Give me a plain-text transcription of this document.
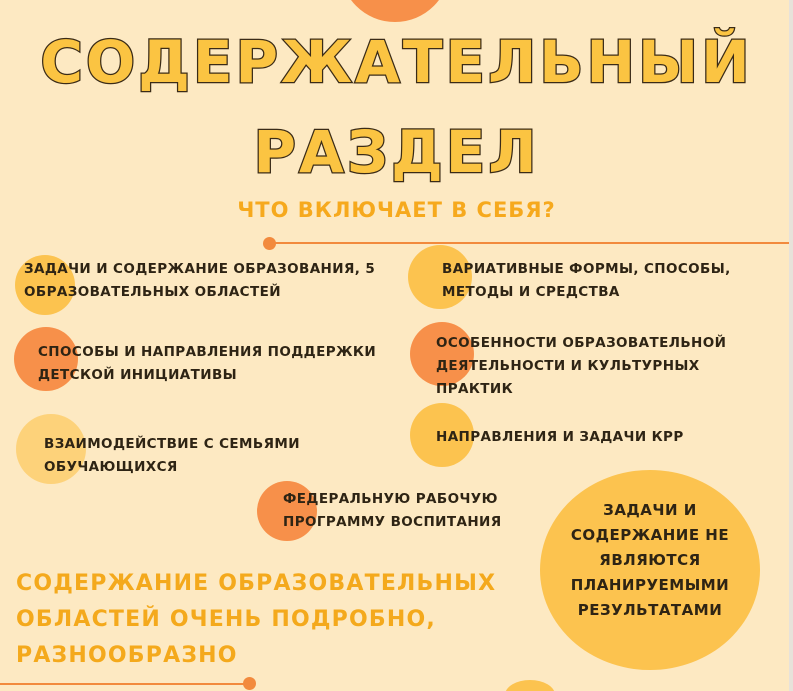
СОДЕРЖАТЕЛЬНЫЙ
РАЗДЕЛ
ЧТО ВКЛЮЧАЕТ В СЕБЯ?
ЗАДАЧИ И СОДЕРЖАНИЕ ОБРАЗОВАНИЯ, 5 ОБРАЗОВАТЕЛЬНЫХ ОБЛАСТЕЙ
ВАРИАТИВНЫЕ ФОРМЫ, СПОСОБЫ, МЕТОДЫ И СРЕДСТВА
СПОСОБЫ И НАПРАВЛЕНИЯ ПОДДЕРЖКИ ДЕТСКОЙ ИНИЦИАТИВЫ
ОСОБЕННОСТИ ОБРАЗОВАТЕЛЬНОЙ ДЕЯТЕЛЬНОСТИ И КУЛЬТУРНЫХ ПРАКТИК
ВЗАИМОДЕЙСТВИЕ С СЕМЬЯМИ ОБУЧАЮЩИХСЯ
НАПРАВЛЕНИЯ И ЗАДАЧИ КРР
ФЕДЕРАЛЬНУЮ РАБОЧУЮ ПРОГРАММУ ВОСПИТАНИЯ
ЗАДАЧИ И СОДЕРЖАНИЕ НЕ ЯВЛЯЮТСЯ ПЛАНИРУЕМЫМИ РЕЗУЛЬТАТАМИ
СОДЕРЖАНИЕ ОБРАЗОВАТЕЛЬНЫХ ОБЛАСТЕЙ ОЧЕНЬ ПОДРОБНО, РАЗНООБРАЗНО
